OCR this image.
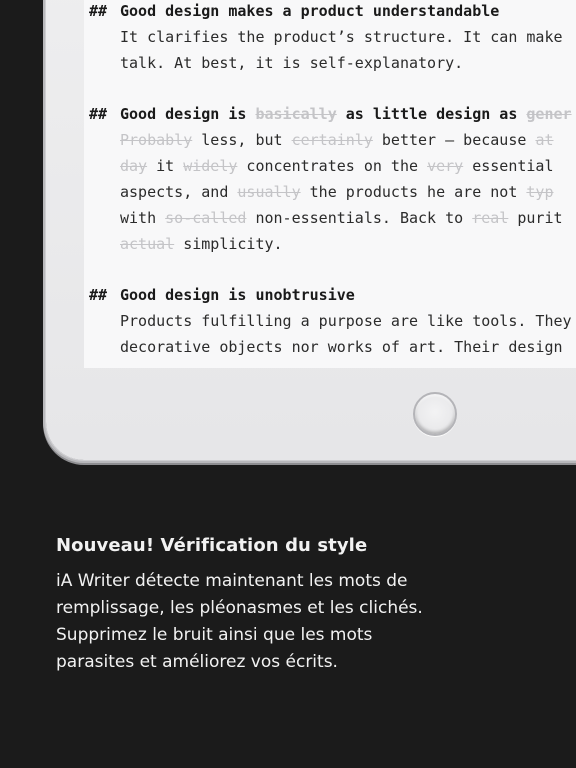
## Good design makes a product understandable
It clarifies the product’s structure. It can make
talk. At best, it is self-explanatory.
## Good design is basically as little design as gener
Probably less, but certainly better – because at
day it widely concentrates on the very essential
aspects, and usually the products he are not typ
with so-called non-essentials. Back to real purit
actual simplicity.
## Good design is unobtrusive
Products fulfilling a purpose are like tools. They
decorative objects nor works of art. Their design
Nouveau! Vérification du style

iA Writer détecte maintenant les mots de
remplissage, les pléonasmes et les clichés.
Supprimez le bruit ainsi que les mots
parasites et améliorez vos écrits.
